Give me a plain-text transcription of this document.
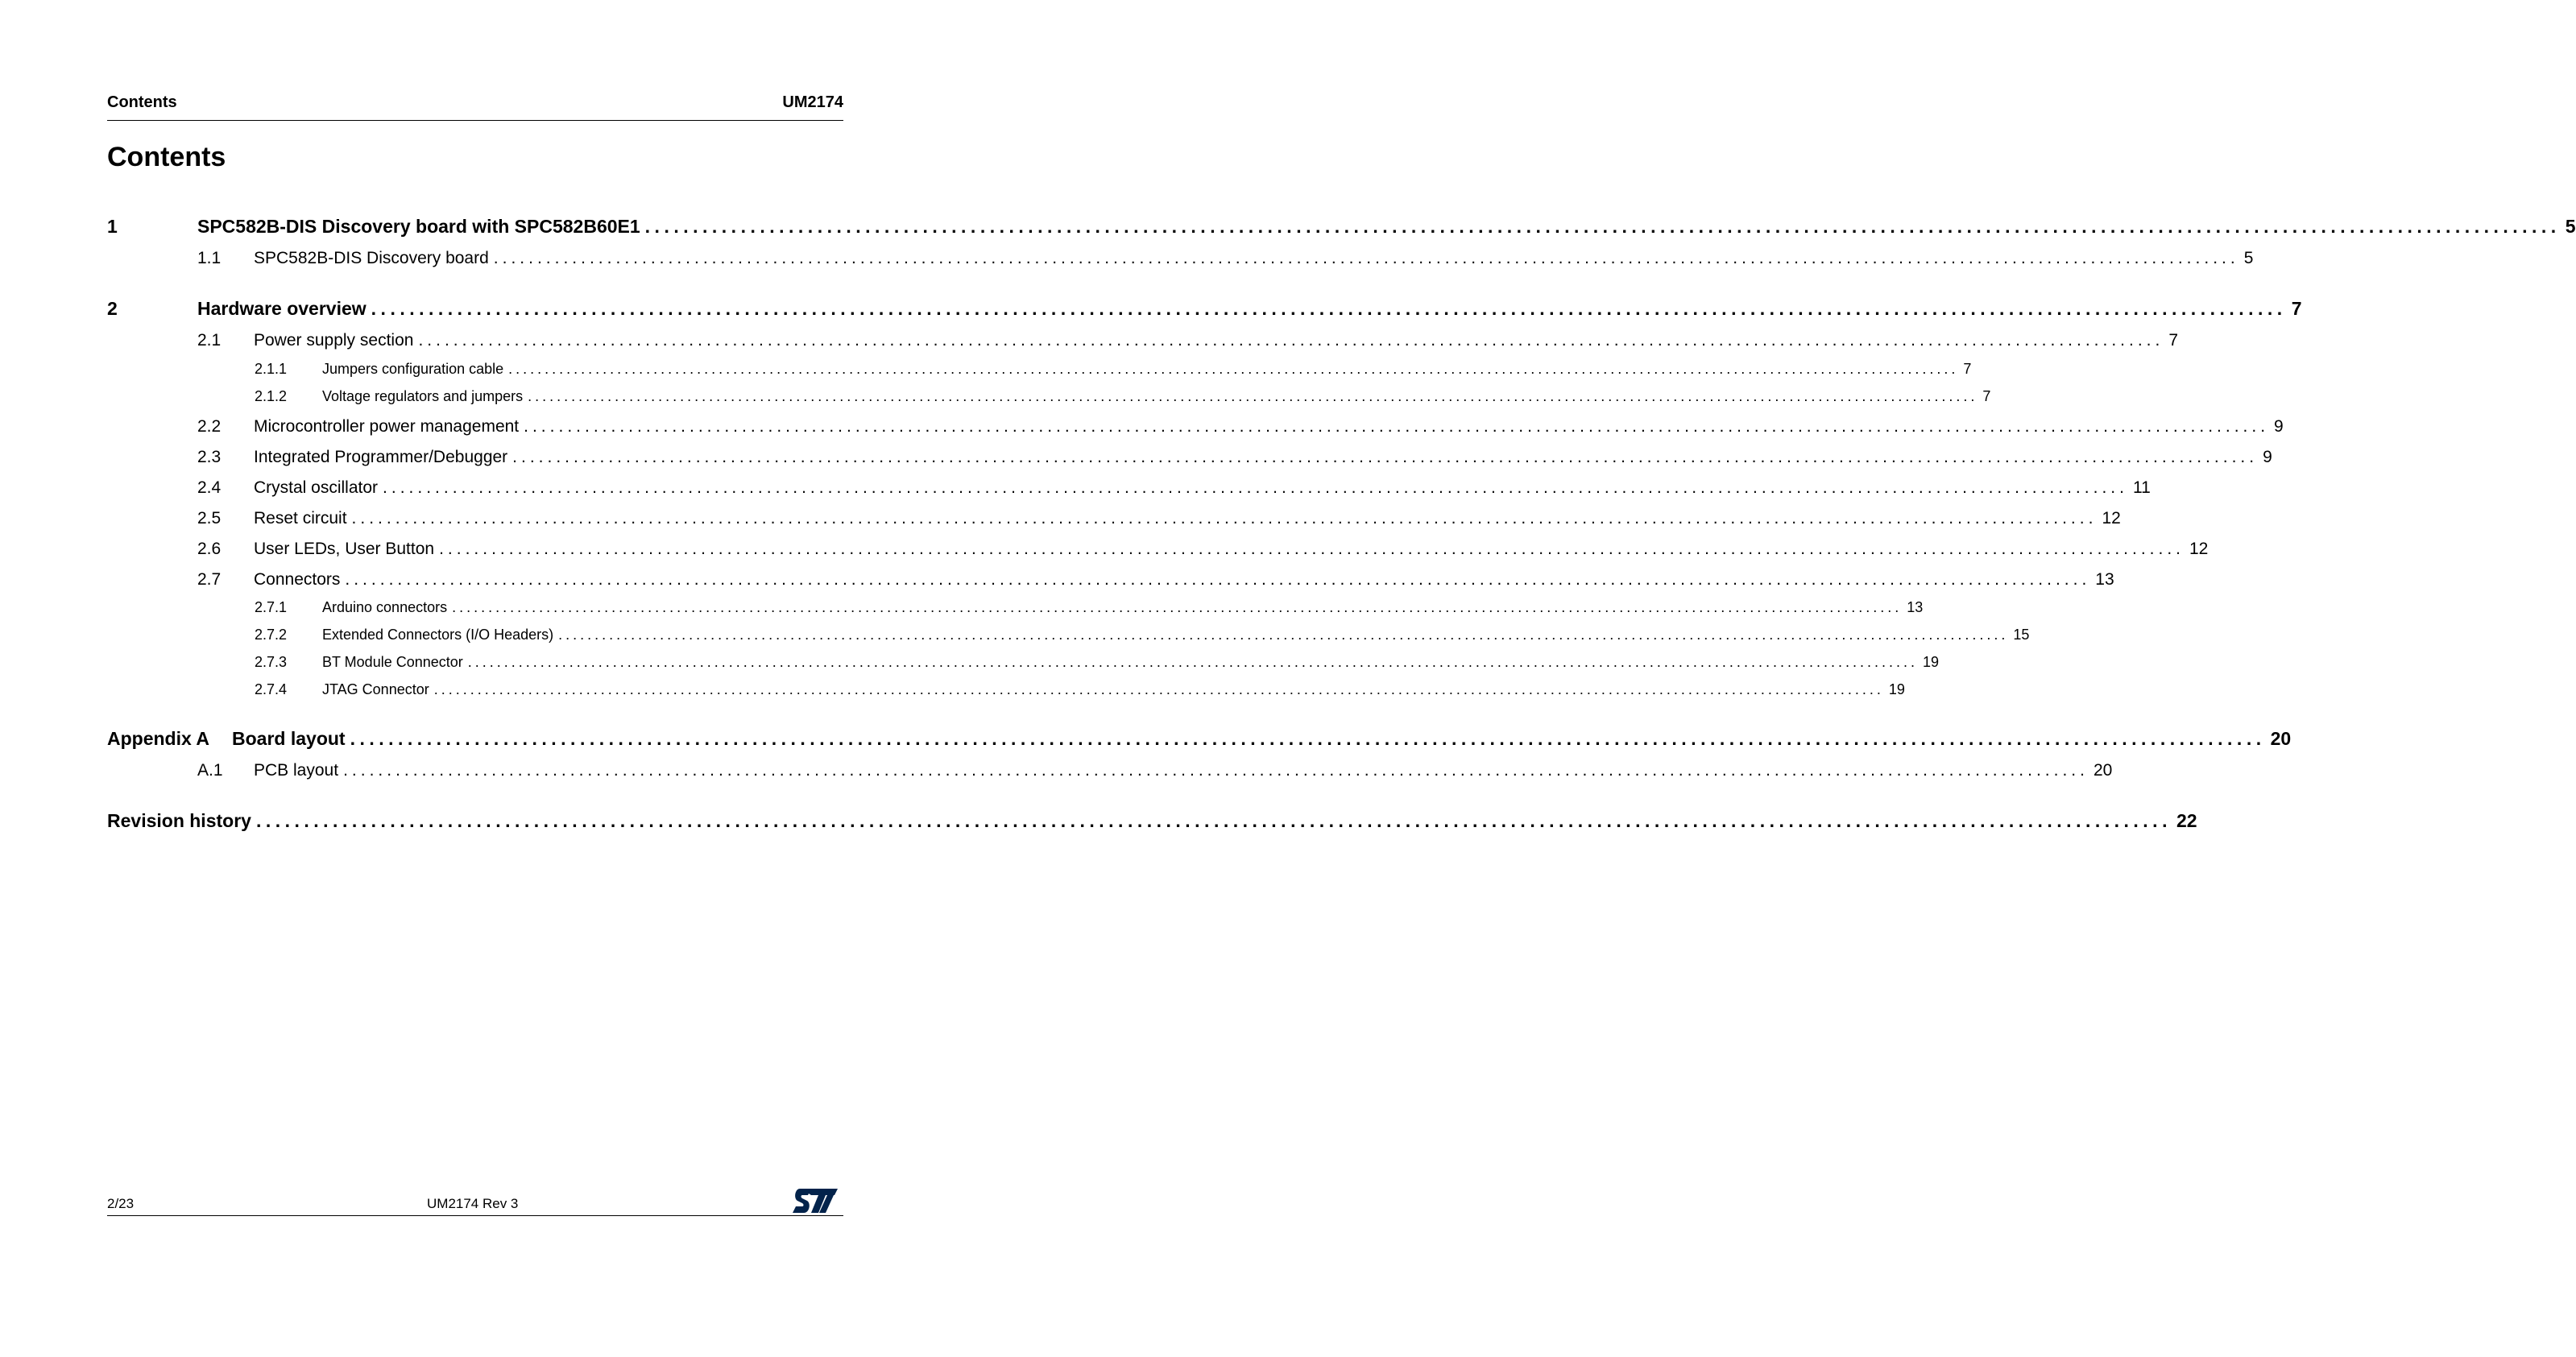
Contents	UM2174
Contents
1	SPC582B-DIS Discovery board with SPC582B60E1 ........................................................................................................................................................................................................ 5
1.1	SPC582B-DIS Discovery board ........................................................................................................................................................................................................ 5
2	Hardware overview ........................................................................................................................................................................................................ 7
2.1	Power supply section ........................................................................................................................................................................................................ 7
2.1.1	Jumpers configuration cable ........................................................................................................................................................................................................ 7
2.1.2	Voltage regulators and jumpers ........................................................................................................................................................................................................ 7
2.2	Microcontroller power management ........................................................................................................................................................................................................ 9
2.3	Integrated Programmer/Debugger ........................................................................................................................................................................................................ 9
2.4	Crystal oscillator ........................................................................................................................................................................................................ 11
2.5	Reset circuit ........................................................................................................................................................................................................ 12
2.6	User LEDs, User Button ........................................................................................................................................................................................................ 12
2.7	Connectors ........................................................................................................................................................................................................ 13
2.7.1	Arduino connectors ........................................................................................................................................................................................................ 13
2.7.2	Extended Connectors (I/O Headers) ........................................................................................................................................................................................................ 15
2.7.3	BT Module Connector ........................................................................................................................................................................................................ 19
2.7.4	JTAG Connector ........................................................................................................................................................................................................ 19
Appendix A	Board layout ........................................................................................................................................................................................................ 20
A.1	PCB layout ........................................................................................................................................................................................................ 20
Revision history ........................................................................................................................................................................................................ 22
2/23	UM2174 Rev 3
